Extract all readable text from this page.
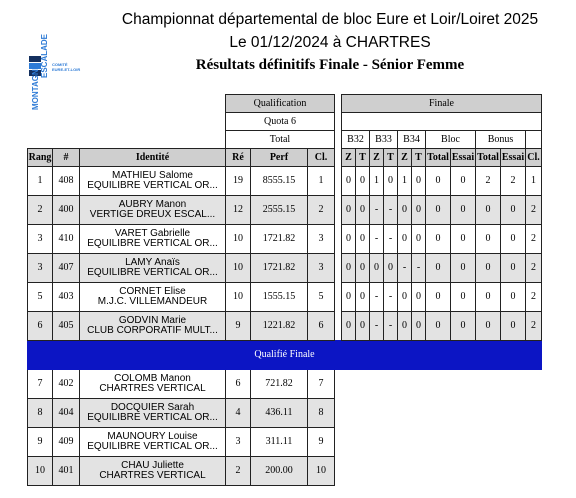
MONTAGNE
ESCALADE COMITÉ
EURE-ET-LOIR
Championnat départemental de bloc Eure et Loir/Loiret 2025
Le 01/12/2024 à CHARTRES
Résultats définitifs Finale - Sénior Femme
			Qualification				Finale										
			Quota 6														
			Total				B32		B33		B34		Bloc		Bonus		
Rang	#	Identité	Ré	Perf	Cl.		Z	T	Z	T	Z	T	Total	Essai	Total	Essai	Cl.
1	408	MATHIEU Salome
EQUILIBRE VERTICAL OR...	19	8555.15	1		0	0	1	0	1	0	0	0	2	2	1
2	400	AUBRY Manon
VERTIGE DREUX ESCAL...	12	2555.15	2		0	0	-	-	0	0	0	0	0	0	2
3	410	VARET Gabrielle
EQUILIBRE VERTICAL OR...	10	1721.82	3		0	0	-	-	0	0	0	0	0	0	2
3	407	LAMY Anaïs
EQUILIBRE VERTICAL OR...	10	1721.82	3		0	0	0	0	-	-	0	0	0	0	2
5	403	CORNET Elise
M.J.C. VILLEMANDEUR	10	1555.15	5		0	0	-	-	0	0	0	0	0	0	2
6	405	GODVIN Marie
CLUB CORPORATIF MULT...	9	1221.82	6		0	0	-	-	0	0	0	0	0	0	2
Qualifié Finale																	
7	402	COLOMB Manon
CHARTRES VERTICAL	6	721.82	7												
8	404	DOCQUIER Sarah
EQUILIBRE VERTICAL OR...	4	436.11	8												
9	409	MAUNOURY Louise
EQUILIBRE VERTICAL OR...	3	311.11	9												
10	401	CHAU Juliette
CHARTRES VERTICAL	2	200.00	10												
